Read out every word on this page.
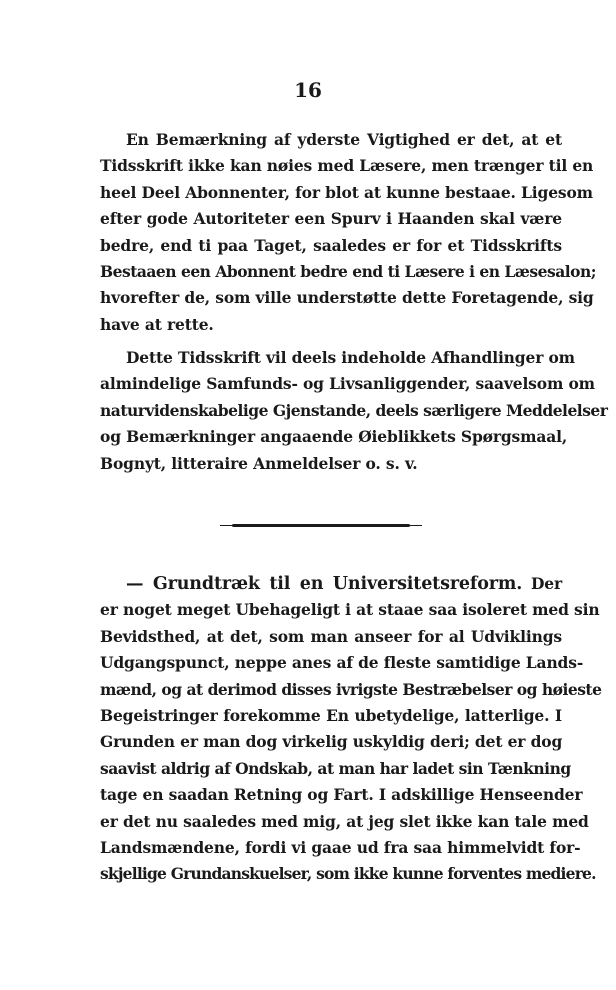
16
En Bemærkning af yderste Vigtighed er det, at et
Tidsskrift ikke kan nøies med Læsere, men trænger til en
heel Deel Abonnenter, for blot at kunne bestaae. Ligesom
efter gode Autoriteter een Spurv i Haanden skal være
bedre, end ti paa Taget, saaledes er for et Tidsskrifts
Bestaaen een Abonnent bedre end ti Læsere i en Læsesalon;
hvorefter de, som ville understøtte dette Foretagende, sig
have at rette.
Dette Tidsskrift vil deels indeholde Afhandlinger om
almindelige Samfunds- og Livsanliggender, saavelsom om
naturvidenskabelige Gjenstande, deels særligere Meddelelser
og Bemærkninger angaaende Øieblikkets Spørgsmaal,
Bognyt, litteraire Anmeldelser o. s. v.
— Grundtræk til en Universitetsreform. Der
er noget meget Ubehageligt i at staae saa isoleret med sin
Bevidsthed, at det, som man anseer for al Udviklings
Udgangspunct, neppe anes af de fleste samtidige Lands-
mænd, og at derimod disses ivrigste Bestræbelser og høieste
Begeistringer forekomme En ubetydelige, latterlige. I
Grunden er man dog virkelig uskyldig deri; det er dog
saavist aldrig af Ondskab, at man har ladet sin Tænkning
tage en saadan Retning og Fart. I adskillige Henseender
er det nu saaledes med mig, at jeg slet ikke kan tale med
Landsmændene, fordi vi gaae ud fra saa himmelvidt for-
skjellige Grundanskuelser, som ikke kunne forventes mediere.
